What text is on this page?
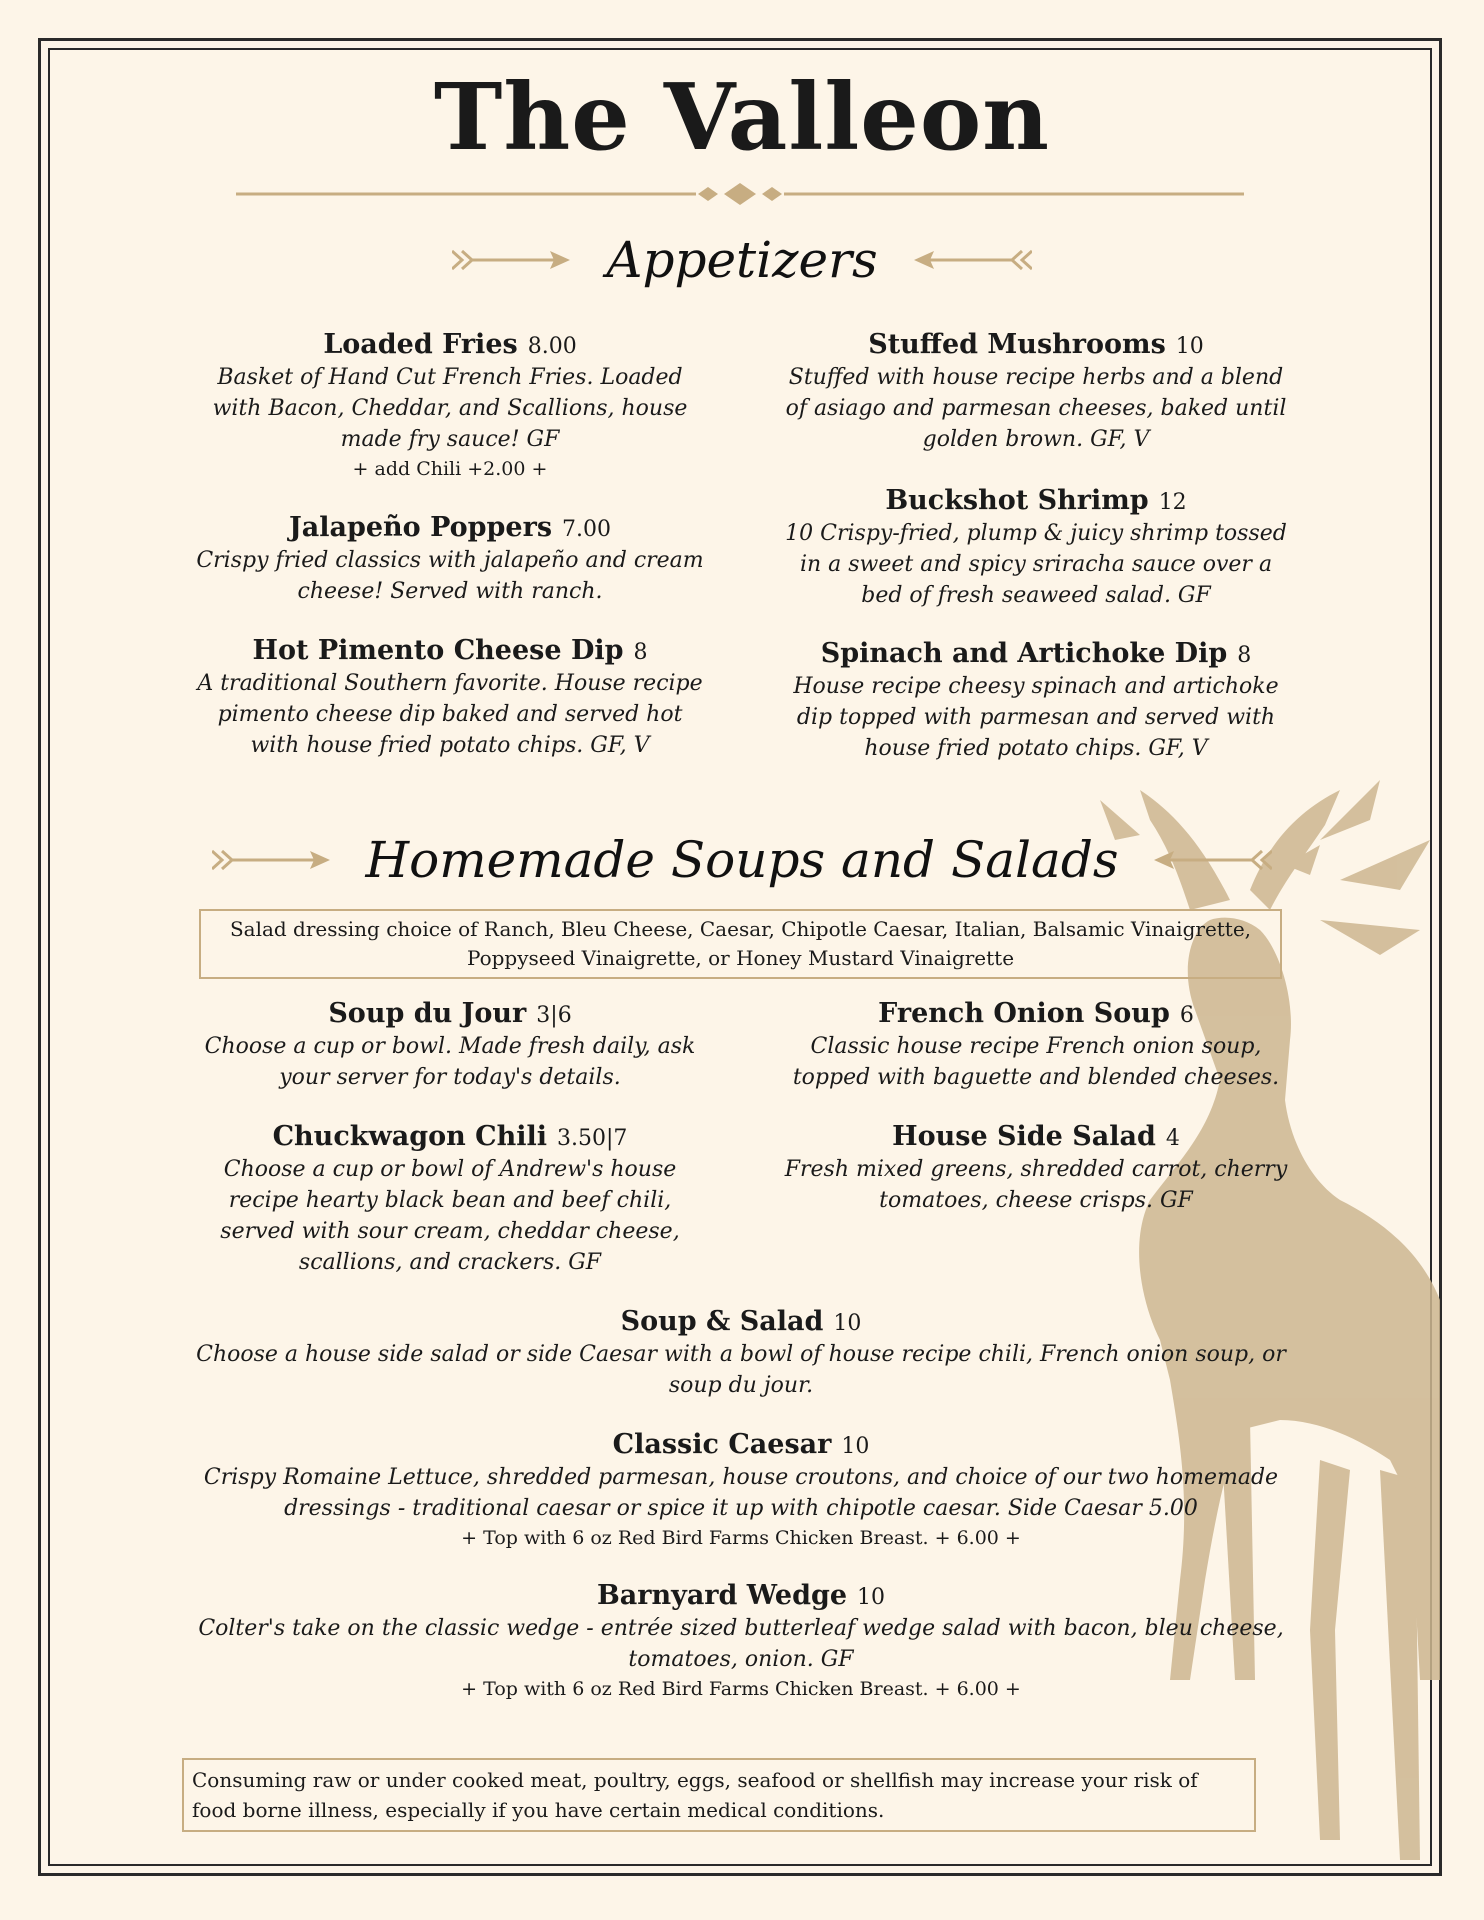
The Valleon
Appetizers
Loaded Fries 8.00
Basket of Hand Cut French Fries. Loaded with Bacon, Cheddar, and Scallions, house made fry sauce! GF
+ add Chili +2.00 +
Jalapeño Poppers 7.00
Crispy fried classics with jalapeño and cream cheese! Served with ranch.
Hot Pimento Cheese Dip 8
A traditional Southern favorite. House recipe pimento cheese dip baked and served hot with house fried potato chips. GF, V
Stuffed Mushrooms 10
Stuffed with house recipe herbs and a blend of asiago and parmesan cheeses, baked until golden brown. GF, V
Buckshot Shrimp 12
10 Crispy-fried, plump & juicy shrimp tossed in a sweet and spicy sriracha sauce over a bed of fresh seaweed salad. GF
Spinach and Artichoke Dip 8
House recipe cheesy spinach and artichoke dip topped with parmesan and served with house fried potato chips. GF, V
Homemade Soups and Salads
Salad dressing choice of Ranch, Bleu Cheese, Caesar, Chipotle Caesar, Italian, Balsamic Vinaigrette, Poppyseed Vinaigrette, or Honey Mustard Vinaigrette
Soup du Jour 3|6
Choose a cup or bowl. Made fresh daily, ask your server for today's details.
Chuckwagon Chili 3.50|7
Choose a cup or bowl of Andrew's house recipe hearty black bean and beef chili, served with sour cream, cheddar cheese, scallions, and crackers. GF
French Onion Soup 6
Classic house recipe French onion soup, topped with baguette and blended cheeses.
House Side Salad 4
Fresh mixed greens, shredded carrot, cherry tomatoes, cheese crisps. GF
Soup & Salad 10
Choose a house side salad or side Caesar with a bowl of house recipe chili, French onion soup, or soup du jour.
Classic Caesar 10
Crispy Romaine Lettuce, shredded parmesan, house croutons, and choice of our two homemade dressings - traditional caesar or spice it up with chipotle caesar. Side Caesar 5.00
+ Top with 6 oz Red Bird Farms Chicken Breast. + 6.00 +
Barnyard Wedge 10
Colter's take on the classic wedge - entrée sized butterleaf wedge salad with bacon, bleu cheese, tomatoes, onion. GF
+ Top with 6 oz Red Bird Farms Chicken Breast. + 6.00 +
Consuming raw or under cooked meat, poultry, eggs, seafood or shellfish may increase your risk of food borne illness, especially if you have certain medical conditions.
